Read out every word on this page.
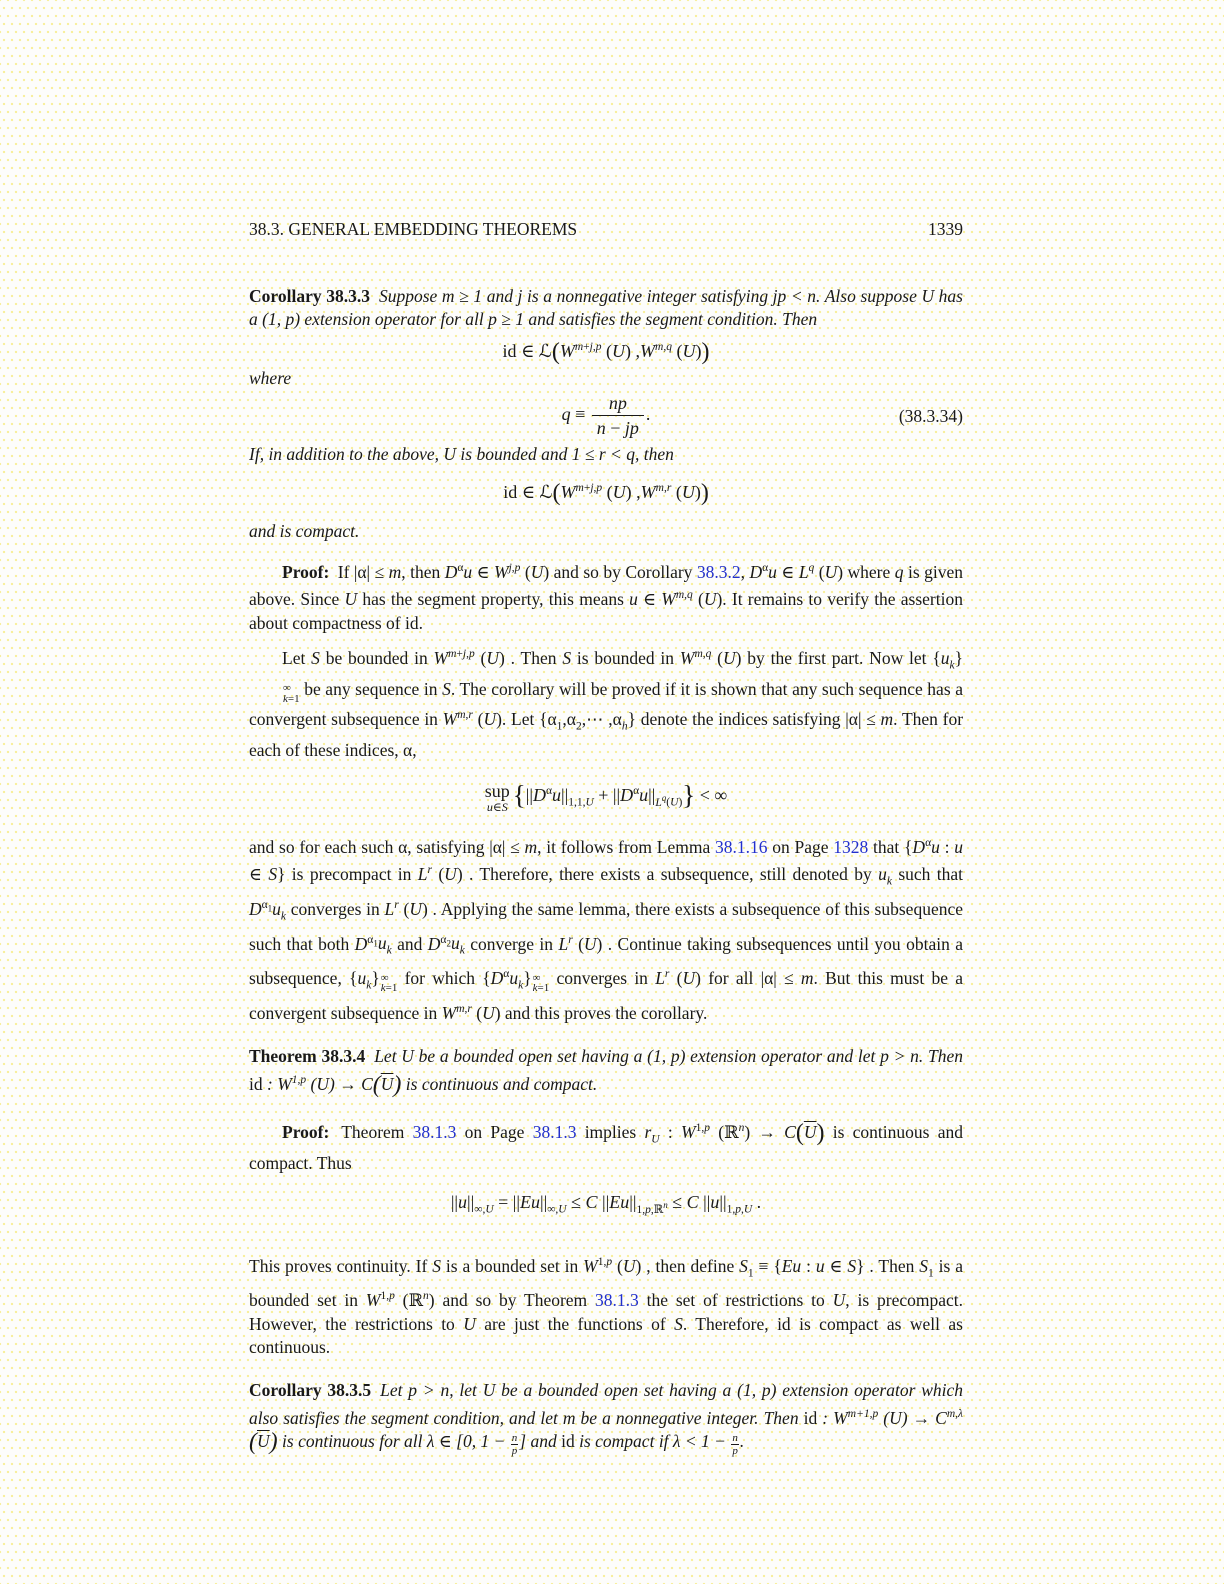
38.3. GENERAL EMBEDDING THEOREMS	1339

Corollary 38.3.3 Suppose m ≥ 1 and j is a nonnegative integer satisfying jp < n. Also suppose U has a (1, p) extension operator for all p ≥ 1 and satisfies the segment condition. Then

id ∈ $ℒ(W^{m+j,p}$ (U) $,W^{m,q}$ (U))

where

$q \equiv \frac{np}{n - jp}$ .	(38.3.34)

If, in addition to the above, U is bounded and 1 ≤ r < q, then

id ∈ $ℒ(W^{m+j,p}$ (U) $,W^{m,r}$ (U))

and is compact.

Proof: If |α| ≤ m, then $D^\alpha u$ ∈ W$^{j,p}$ (U) and so by Corollary 38.3.2, $D^\alpha u$ ∈ $L^q$ (U) where q is given above. Since U has the segment property, this means u ∈ W$^{m,q}$ (U). It remains to verify the assertion about compactness of id.

Let S be bounded in $W^{m+j,p}$ (U) . Then S is bounded in W$^{m,q}$ (U) by the first part. Now let $\{u_k\}$
∞
k=1 be any sequence in S. The corollary will be proved if it is shown that any such sequence has a convergent subsequence in W$^{m,r}$ (U). Let {$\alpha_1,\alpha_2,\cdots$ $,\alpha_h$} denote the indices satisfying |α| ≤ m. Then for each of these indices, α,

sup
u∈S $\{||D^\alpha u||_{1,1,U} + ||D^\alpha u||_{L^q(U)}\}$ < ∞

and so for each such α, satisfying |α| ≤ m, it follows from Lemma 38.1.16 on Page 1328 that {$D^\alpha u$ : u ∈ S} is precompact in $L^r$ (U) . Therefore, there exists a subsequence, still denoted by $u_k$ such that $D^{\alpha_1}u_k$ converges in $L^r$ (U) . Applying the same lemma, there exists a subsequence of this subsequence such that both $D^{\alpha_1}u_k$ and $D^{\alpha_2}u_k$ converge in $L^r$ (U) . Continue taking subsequences until you obtain a subsequence, $\{u_k\}$ ∞
k=1 for which $\{D^\alpha u_k\}$ ∞
k=1 converges in $L^r$ (U) for all |α| ≤ m. But this must be a convergent subsequence in W$^{m,r}$ (U) and this proves the corollary.

Theorem 38.3.4 Let U be a bounded open set having a (1, p) extension operator and let p > n. Then id : W$^{1,p}$ $(U) \to C(\overline{U})$ is continuous and compact.

Proof: Theorem 38.1.3 on Page 38.1.3 implies $r_U$ : W$^{1,p}$ (ℝ$^n$) → $C(\overline{U})$ is continuous and compact. Thus

$||u||_{\infty,U} = ||Eu||_{\infty,U} \le C$ $||Eu||_{1,p,ℝ^n} \le C$ $||u||_{1,p,U}$ .

This proves continuity. If S is a bounded set in W$^{1,p}$ (U) , then define $S_1 \equiv \{Eu$ : u ∈ S} . Then $S_1$ is a bounded set in W$^{1,p}$ (ℝ$^n$) and so by Theorem 38.1.3 the set of restrictions to U, is precompact. However, the restrictions to U are just the functions of S. Therefore, id is compact as well as continuous.

Corollary 38.3.5 Let p > n, let U be a bounded open set having a (1, p) extension operator which also satisfies the segment condition, and let m be a nonnegative integer. Then id : $W^{m+1,p}$ $(U) \to C^{m,\lambda}$ $(\overline{U})$ is continuous for all λ ∈ [0, $1 - \frac{n}{p}$ ] and id is compact if $\lambda < 1 - \frac{n}{p}$ .
